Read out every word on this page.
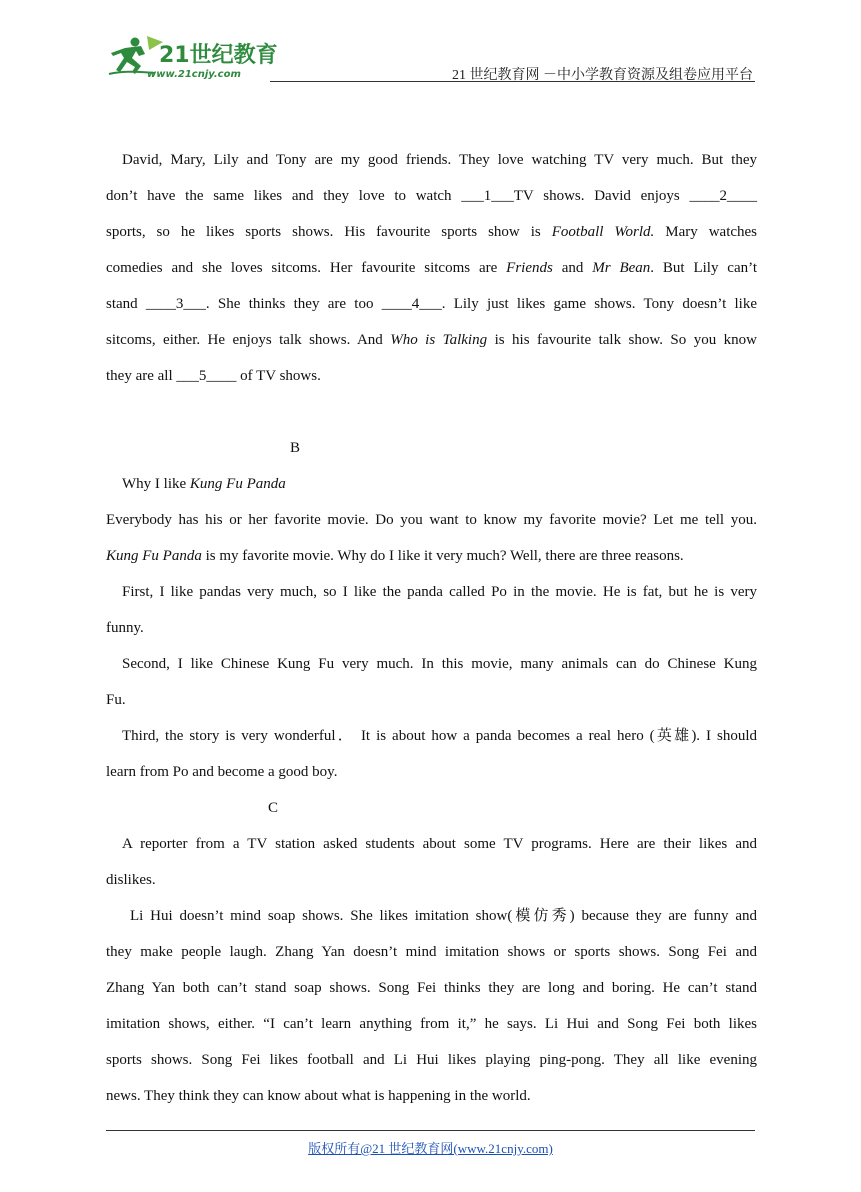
21世纪教育
www.21cnjy.com	21 世纪教育网 －中小学教育资源及组卷应用平台
David, Mary, Lily and Tony are my good friends. They love watching TV very much. But they
don’t have the same likes and they love to watch ___1___TV shows. David enjoys ____2____
sports, so he likes sports shows. His favourite sports show is Football World. Mary watches
comedies and she loves sitcoms. Her favourite sitcoms are Friends and Mr Bean. But Lily can’t
stand ____3___. She thinks they are too ____4___. Lily just likes game shows. Tony doesn’t like
sitcoms, either. He enjoys talk shows. And Who is Talking is his favourite talk show. So you know
they are all ___5____ of TV shows.
B
Why I like Kung Fu Panda
Everybody has his or her favorite movie. Do you want to know my favorite movie? Let me tell you.
Kung Fu Panda is my favorite movie. Why do I like it very much? Well, there are three reasons.
First, I like pandas very much, so I like the panda called Po in the movie. He is fat, but he is very
funny.
Second, I like Chinese Kung Fu very much. In this movie, many animals can do Chinese Kung
Fu.
Third, the story is very wonderful． It is about how a panda becomes a real hero (英雄). I should
learn from Po and become a good boy.
C
A reporter from a TV station asked students about some TV programs. Here are their likes and
dislikes.
Li Hui doesn’t mind soap shows. She likes imitation show(模仿秀) because they are funny and
they make people laugh. Zhang Yan doesn’t mind imitation shows or sports shows. Song Fei and
Zhang Yan both can’t stand soap shows. Song Fei thinks they are long and boring. He can’t stand
imitation shows, either. “I can’t learn anything from it,” he says. Li Hui and Song Fei both likes
sports shows. Song Fei likes football and Li Hui likes playing ping-pong. They all like evening
news. They think they can know about what is happening in the world.
版权所有@21 世纪教育网(www.21cnjy.com)
